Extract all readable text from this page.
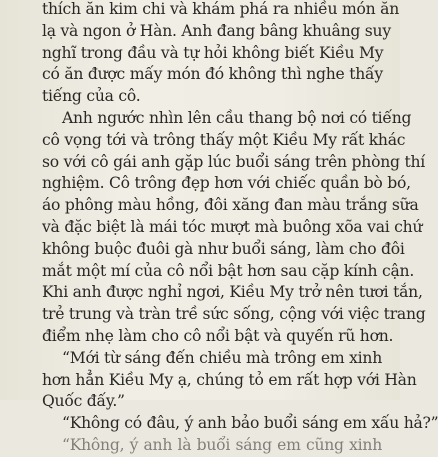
thích ăn kim chi và khám phá ra nhiều món ăn
lạ và ngon ở Hàn. Anh đang bâng khuâng suy
nghĩ trong đầu và tự hỏi không biết Kiều My
có ăn được mấy món đó không thì nghe thấy
tiếng của cô.
Anh ngước nhìn lên cầu thang bộ nơi có tiếng
cô vọng tới và trông thấy một Kiều My rất khác
so với cô gái anh gặp lúc buổi sáng trên phòng thí
nghiệm. Cô trông đẹp hơn với chiếc quần bò bó,
áo phông màu hồng, đôi xăng đan màu trắng sữa
và đặc biệt là mái tóc mượt mà buông xõa vai chứ
không buộc đuôi gà như buổi sáng, làm cho đôi
mắt một mí của cô nổi bật hơn sau cặp kính cận.
Khi anh được nghỉ ngơi, Kiều My trở nên tươi tắn,
trẻ trung và tràn trề sức sống, cộng với việc trang
điểm nhẹ làm cho cô nổi bật và quyến rũ hơn.
“Mới từ sáng đến chiều mà trông em xinh
hơn hẳn Kiều My ạ, chúng tỏ em rất hợp với Hàn
Quốc đấy.”
“Không có đâu, ý anh bảo buổi sáng em xấu hả?”
“Không, ý anh là buổi sáng em cũng xinh
